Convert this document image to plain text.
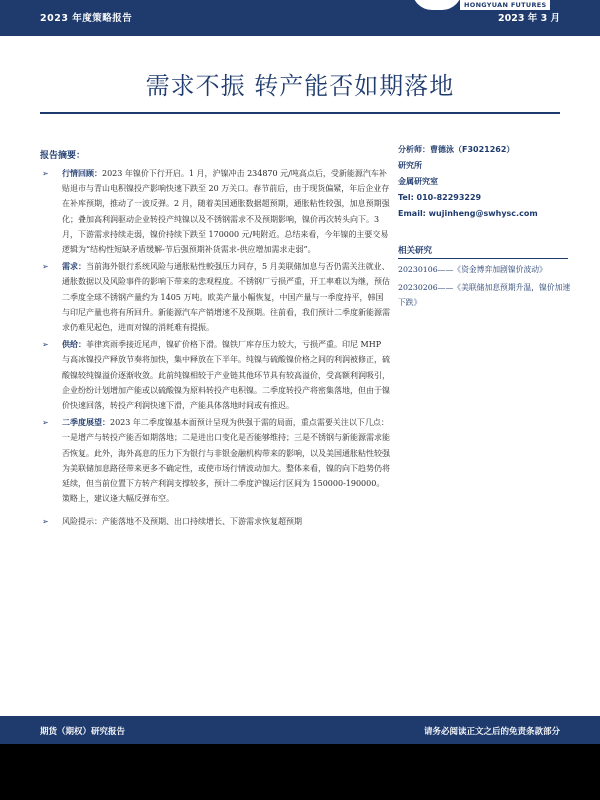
2023 年度策略报告	2023 年 3 月
HONGYUAN FUTURES
需求不振 转产能否如期落地
报告摘要：
➢ 行情回顾：2023 年镍价下行开启。1 月，沪镍冲击 234870 元/吨高点后，受新能源汽车补贴退市与青山电积镍投产影响快速下跌至 20 万关口。春节前后，由于现货偏紧，年后企业存在补库预期，推动了一波反弹。2 月，随着美国通胀数据超预期，通胀粘性较强，加息预期强化；叠加高利润驱动企业转投产纯镍以及不锈钢需求不及预期影响，镍价再次转头向下。3 月，下游需求持续走弱，镍价持续下跌至 170000 元/吨附近。总结来看，今年镍的主要交易逻辑为“结构性短缺矛盾缓解-节后强预期补货需求-供应增加需求走弱”。
➢ 需求：当前海外银行系统风险与通胀粘性較强压力同存，5 月美联储加息与否仍需关注就业、通胀数据以及风险事件的影响下带来的悲观程度。不锈钢厂亏损严重，开工率难以为继，预估二季度全球不锈钢产量约为 1405 万吨。欧美产量小幅恢复，中国产量与一季度持平，韩国与印尼产量也将有所回升。新能源汽车产销增速不及预期。往前看，我们预计二季度新能源需求仍难见起色，进而对镍的消耗难有提振。
➢ 供给：菲律宾雨季接近尾声，镍矿价格下滑。镍铁厂库存压力较大，亏损严重。印尼 MHP 与高冰镍投产释放节奏将加快，集中释放在下半年。纯镍与硫酸镍价格之间的利润被修正，硫酸镍较纯镍溢价逐渐收敛。此前纯镍相较于产业链其他环节具有较高溢价，受高额利润吸引，企业纷纷计划增加产能或以硫酸镍为原料转投产电积镍。二季度转投产将密集落地，但由于镍价快速回落，转投产利润快速下滑，产能具体落地时间或有推迟。
➢ 二季度展望：2023 年二季度镍基本面预计呈现为供强于需的局面，重点需要关注以下几点：一是增产与转投产能否如期落地；二是进出口变化是否能够维持；三是不锈钢与新能源需求能否恢复。此外，海外高息的压力下为银行与非银金融机构带来的影响，以及美国通胀粘性较强为美联储加息路径带来更多不确定性，或使市场行情波动加大。整体来看，镍的向下趋势仍将延续，但当前位置下方转产利润支撑较多，预计二季度沪镍运行区间为 150000-190000。策略上，建议逢大幅反弹布空。
➢ 风险提示：产能落地不及预期、出口持续增长、下游需求恢复超预期
分析师：曹德泳（F3021262）
研究所
金属研究室
Tel: 010-82293229
Email: wujinheng@swhysc.com
相关研究
20230106——《资金博弈加剧镍价波动》
20230206——《美联储加息预期升温，镍价加速下跌》
期货（期权）研究报告	请务必阅读正文之后的免责条款部分
